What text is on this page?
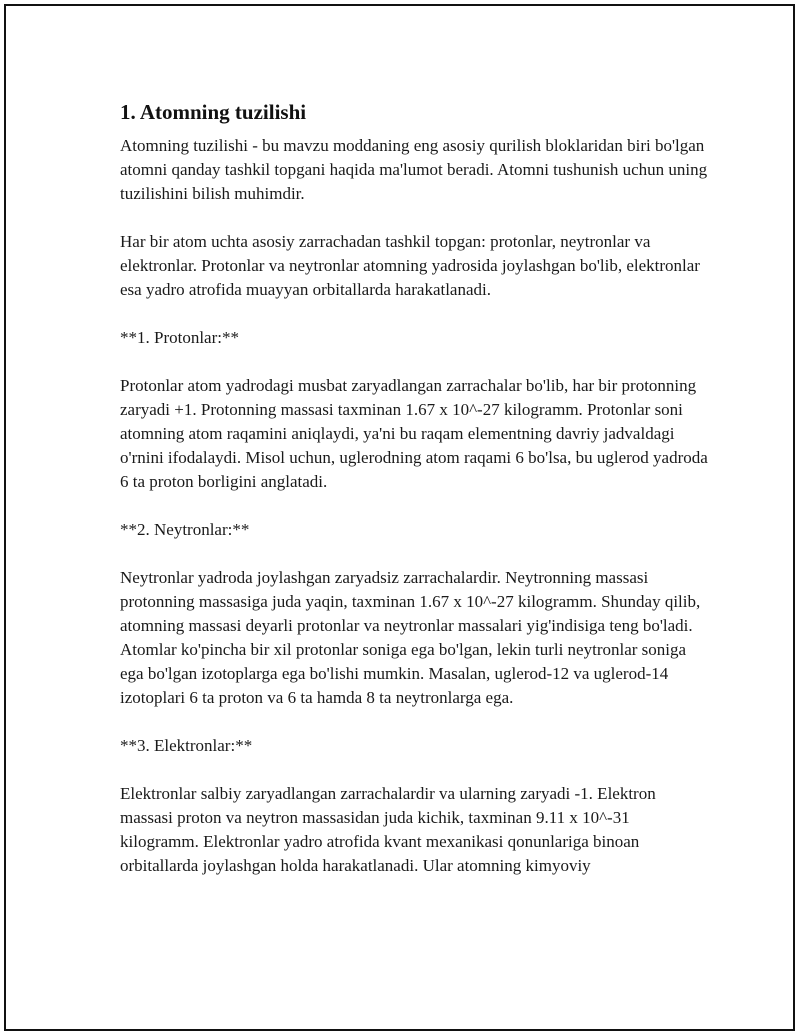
1. Atomning tuzilishi

Atomning tuzilishi - bu mavzu moddaning eng asosiy qurilish bloklaridan biri bo'lgan atomni qanday tashkil topgani haqida ma'lumot beradi. Atomni tushunish uchun uning tuzilishini bilish muhimdir.

Har bir atom uchta asosiy zarrachadan tashkil topgan: protonlar, neytronlar va elektronlar. Protonlar va neytronlar atomning yadrosida joylashgan bo'lib, elektronlar esa yadro atrofida muayyan orbitallarda harakatlanadi.

**1. Protonlar:**

Protonlar atom yadrodagi musbat zaryadlangan zarrachalar bo'lib, har bir protonning zaryadi +1. Protonning massasi taxminan 1.67 x 10^-27 kilogramm. Protonlar soni atomning atom raqamini aniqlaydi, ya'ni bu raqam elementning davriy jadvaldagi o'rnini ifodalaydi. Misol uchun, uglerodning atom raqami 6 bo'lsa, bu uglerod yadroda 6 ta proton borligini anglatadi.

**2. Neytronlar:**

Neytronlar yadroda joylashgan zaryadsiz zarrachalardir. Neytronning massasi protonning massasiga juda yaqin, taxminan 1.67 x 10^-27 kilogramm. Shunday qilib, atomning massasi deyarli protonlar va neytronlar massalari yig'indisiga teng bo'ladi. Atomlar ko'pincha bir xil protonlar soniga ega bo'lgan, lekin turli neytronlar soniga ega bo'lgan izotoplarga ega bo'lishi mumkin. Masalan, uglerod-12 va uglerod-14 izotoplari 6 ta proton va 6 ta hamda 8 ta neytronlarga ega.

**3. Elektronlar:**

Elektronlar salbiy zaryadlangan zarrachalardir va ularning zaryadi -1. Elektron massasi proton va neytron massasidan juda kichik, taxminan 9.11 x 10^-31 kilogramm. Elektronlar yadro atrofida kvant mexanikasi qonunlariga binoan orbitallarda joylashgan holda harakatlanadi. Ular atomning kimyoviy
